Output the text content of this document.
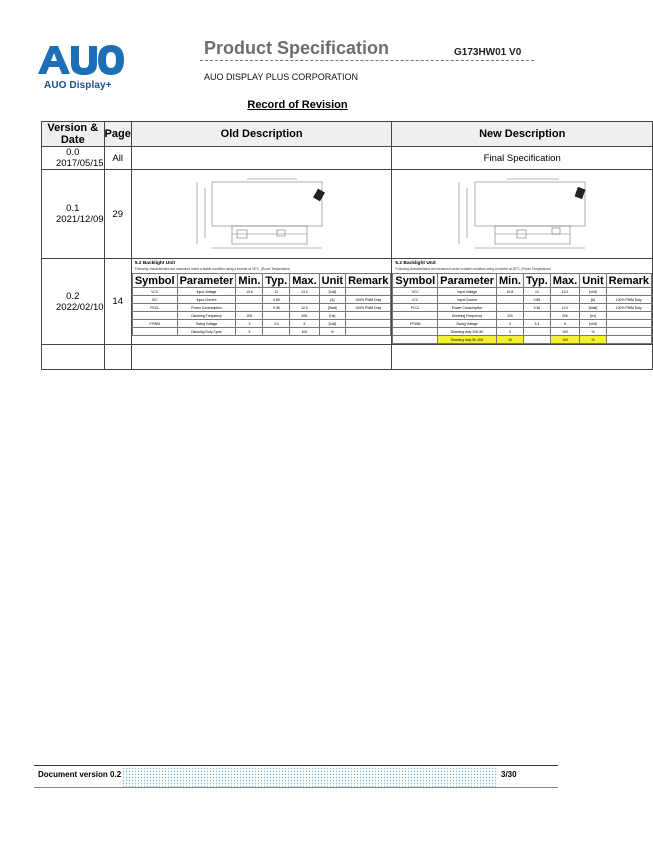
AUO Display+
Product Specification	G173HW01 V0
AUO DISPLAY PLUS CORPORATION
Record of Revision
Version & Date	Page	Old Description	New Description
0.0 2017/05/15	All		Final Specification
0.1 2021/12/09	29	

0.2 2022/02/10	14	
5.2 Backlight Unit
Following characteristics are measured under a stable condition using a inverter at 25°C. (Room Temperature)
Symbol	Parameter	Min.	Typ.	Max.	Unit	Remark
VCC	Input Voltage	10.6	12	13.2	[Volt]	
ICC	Input Current		0.85		[A]	100% PWM Duty
PCCL	Power Consumption		9.36	12.0	[Watt]	100% PWM Duty
	Dimming Frequency	200		20K	[Hz]	
FPWM	Swing Voltage	3	3.3	5	[Volt]	
	Dimming Duty Cycle	5		100	%	

5.2 Backlight Unit
Following characteristics are measured under a stable condition using a inverter at 25°C. (Room Temperature)
Symbol	Parameter	Min.	Typ.	Max.	Unit	Remark
VCC	Input Voltage	10.8	12	13.2	[Volt]	
ICC	Input Current		0.85		[A]	100% PWM Duty
PCCL	Power Consumption		9.36	12.0	[Watt]	100% PWM Duty
	Dimming Frequency	200		20K	[Hz]	
FPWM	Swing Voltage	3	3.3	5	[Volt]	
	Dimming duty 20K-5K	5		100	%	
	Dimming duty 5K-20K	10		100	%	

Document version 0.2	3/30
